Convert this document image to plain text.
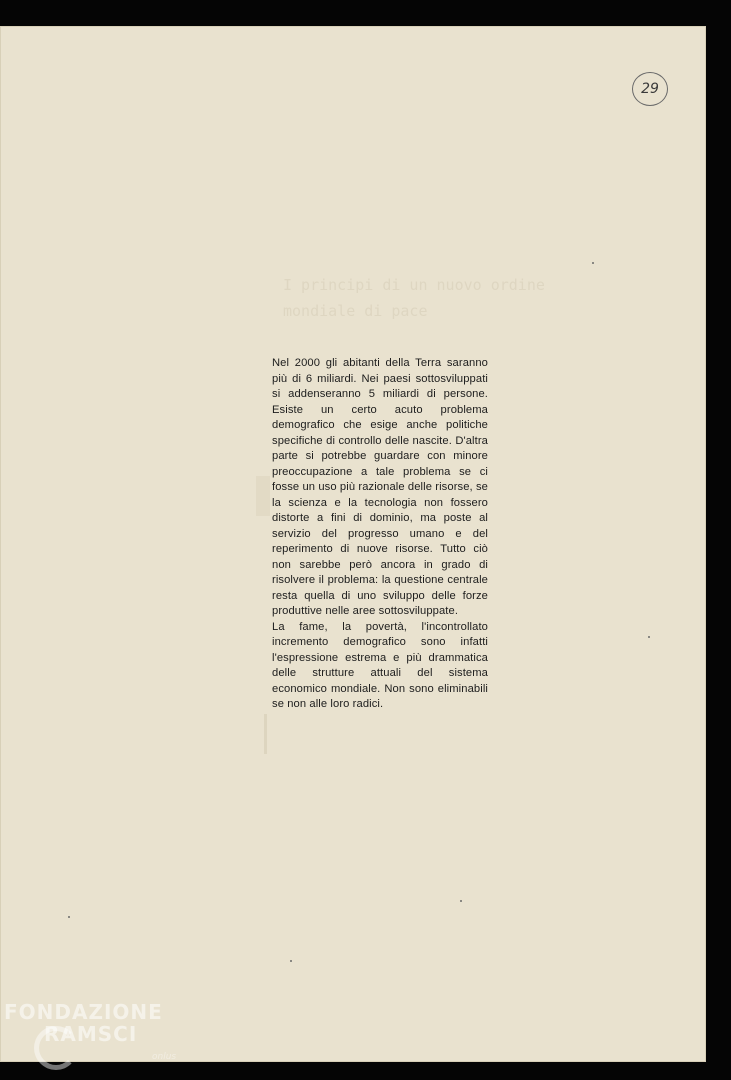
29
I principi di un nuovo ordine
mondiale di pace

Nel 2000 gli abitanti della Terra saranno più di 6 miliardi. Nei paesi sottosviluppati si addenseranno 5 miliardi di persone. Esiste un certo acuto problema demografico che esige anche politiche specifiche di controllo delle nascite. D'altra parte si potrebbe guardare con minore preoccupazione a tale problema se ci fosse un uso più razionale delle risorse, se la scienza e la tecnologia non fossero distorte a fini di dominio, ma poste al servizio del progresso umano e del reperimento di nuove risorse. Tutto ciò non sarebbe però ancora in grado di risolvere il problema: la questione centrale resta quella di uno sviluppo delle forze produttive nelle aree sottosviluppate.

La fame, la povertà, l'incontrollato incremento demografico sono infatti l'espressione estrema e più drammatica delle strutture attuali del sistema economico mondiale. Non sono eliminabili se non alle loro radici.

FONDAZIONE
RAMSCI
onlus
